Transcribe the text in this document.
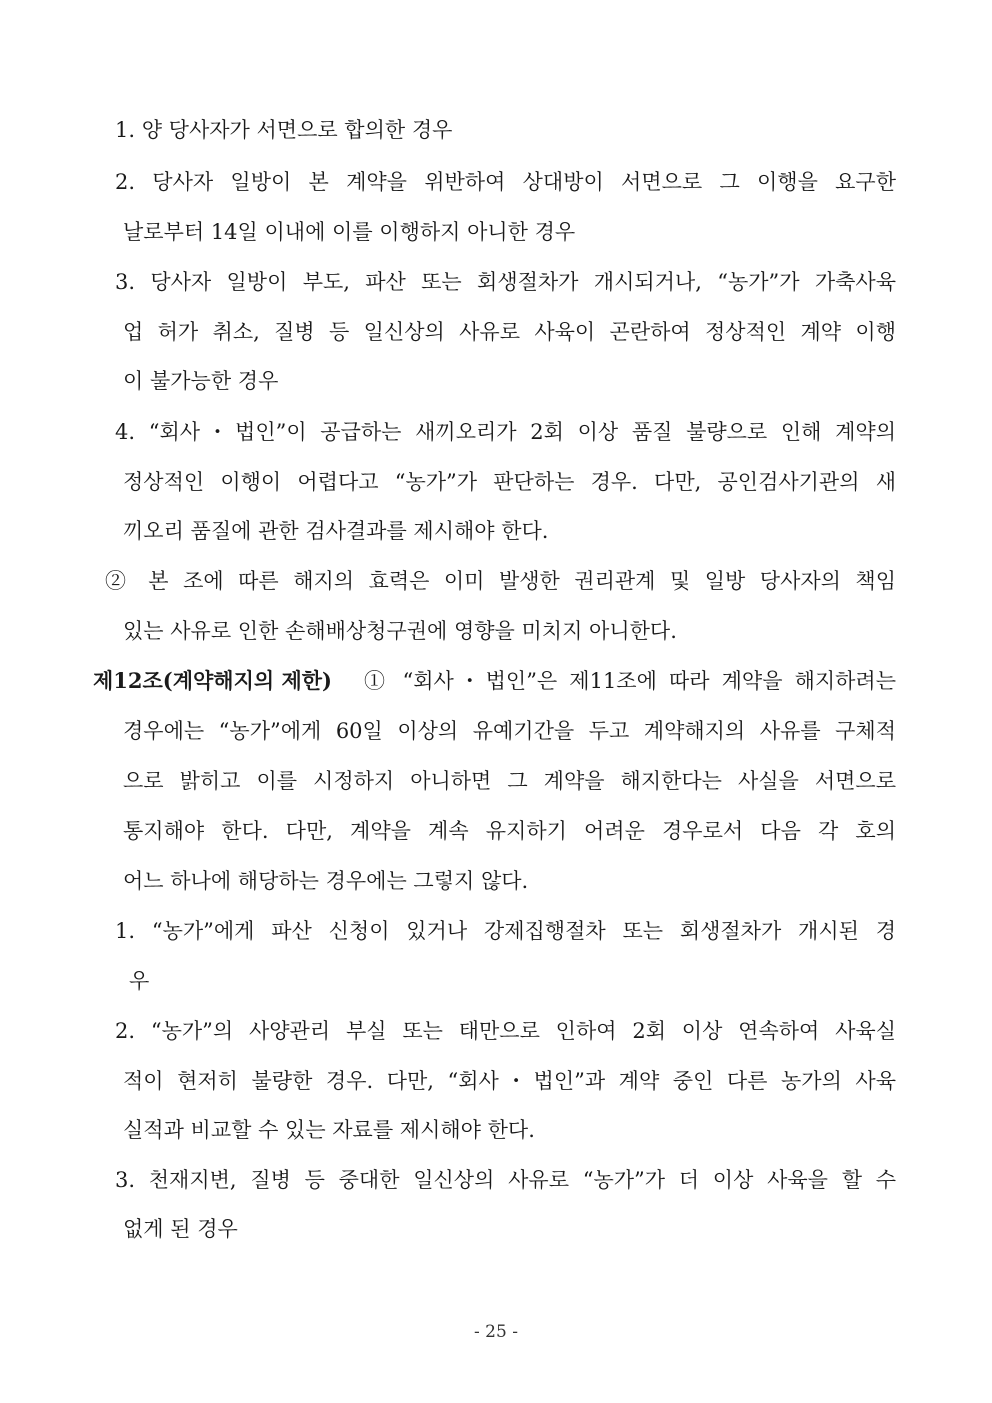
1. 양 당사자가 서면으로 합의한 경우
2. 당사자 일방이 본 계약을 위반하여 상대방이 서면으로 그 이행을 요구한
날로부터 14일 이내에 이를 이행하지 아니한 경우
3. 당사자 일방이 부도, 파산 또는 회생절차가 개시되거나, “농가”가 가축사육
업 허가 취소, 질병 등 일신상의 사유로 사육이 곤란하여 정상적인 계약 이행
이 불가능한 경우
4. “회사・법인”이 공급하는 새끼오리가 2회 이상 품질 불량으로 인해 계약의
정상적인 이행이 어렵다고 “농가”가 판단하는 경우. 다만, 공인검사기관의 새
끼오리 품질에 관한 검사결과를 제시해야 한다.
② 본 조에 따른 해지의 효력은 이미 발생한 권리관계 및 일방 당사자의 책임
있는 사유로 인한 손해배상청구권에 영향을 미치지 아니한다.
제12조(계약해지의 제한) ① “회사・법인”은 제11조에 따라 계약을 해지하려는
경우에는 “농가”에게 60일 이상의 유예기간을 두고 계약해지의 사유를 구체적
으로 밝히고 이를 시정하지 아니하면 그 계약을 해지한다는 사실을 서면으로
통지해야 한다. 다만, 계약을 계속 유지하기 어려운 경우로서 다음 각 호의
어느 하나에 해당하는 경우에는 그렇지 않다.
1. “농가”에게 파산 신청이 있거나 강제집행절차 또는 회생절차가 개시된 경
우
2. “농가”의 사양관리 부실 또는 태만으로 인하여 2회 이상 연속하여 사육실
적이 현저히 불량한 경우. 다만, “회사・법인”과 계약 중인 다른 농가의 사육
실적과 비교할 수 있는 자료를 제시해야 한다.
3. 천재지변, 질병 등 중대한 일신상의 사유로 “농가”가 더 이상 사육을 할 수
없게 된 경우
- 25 -
